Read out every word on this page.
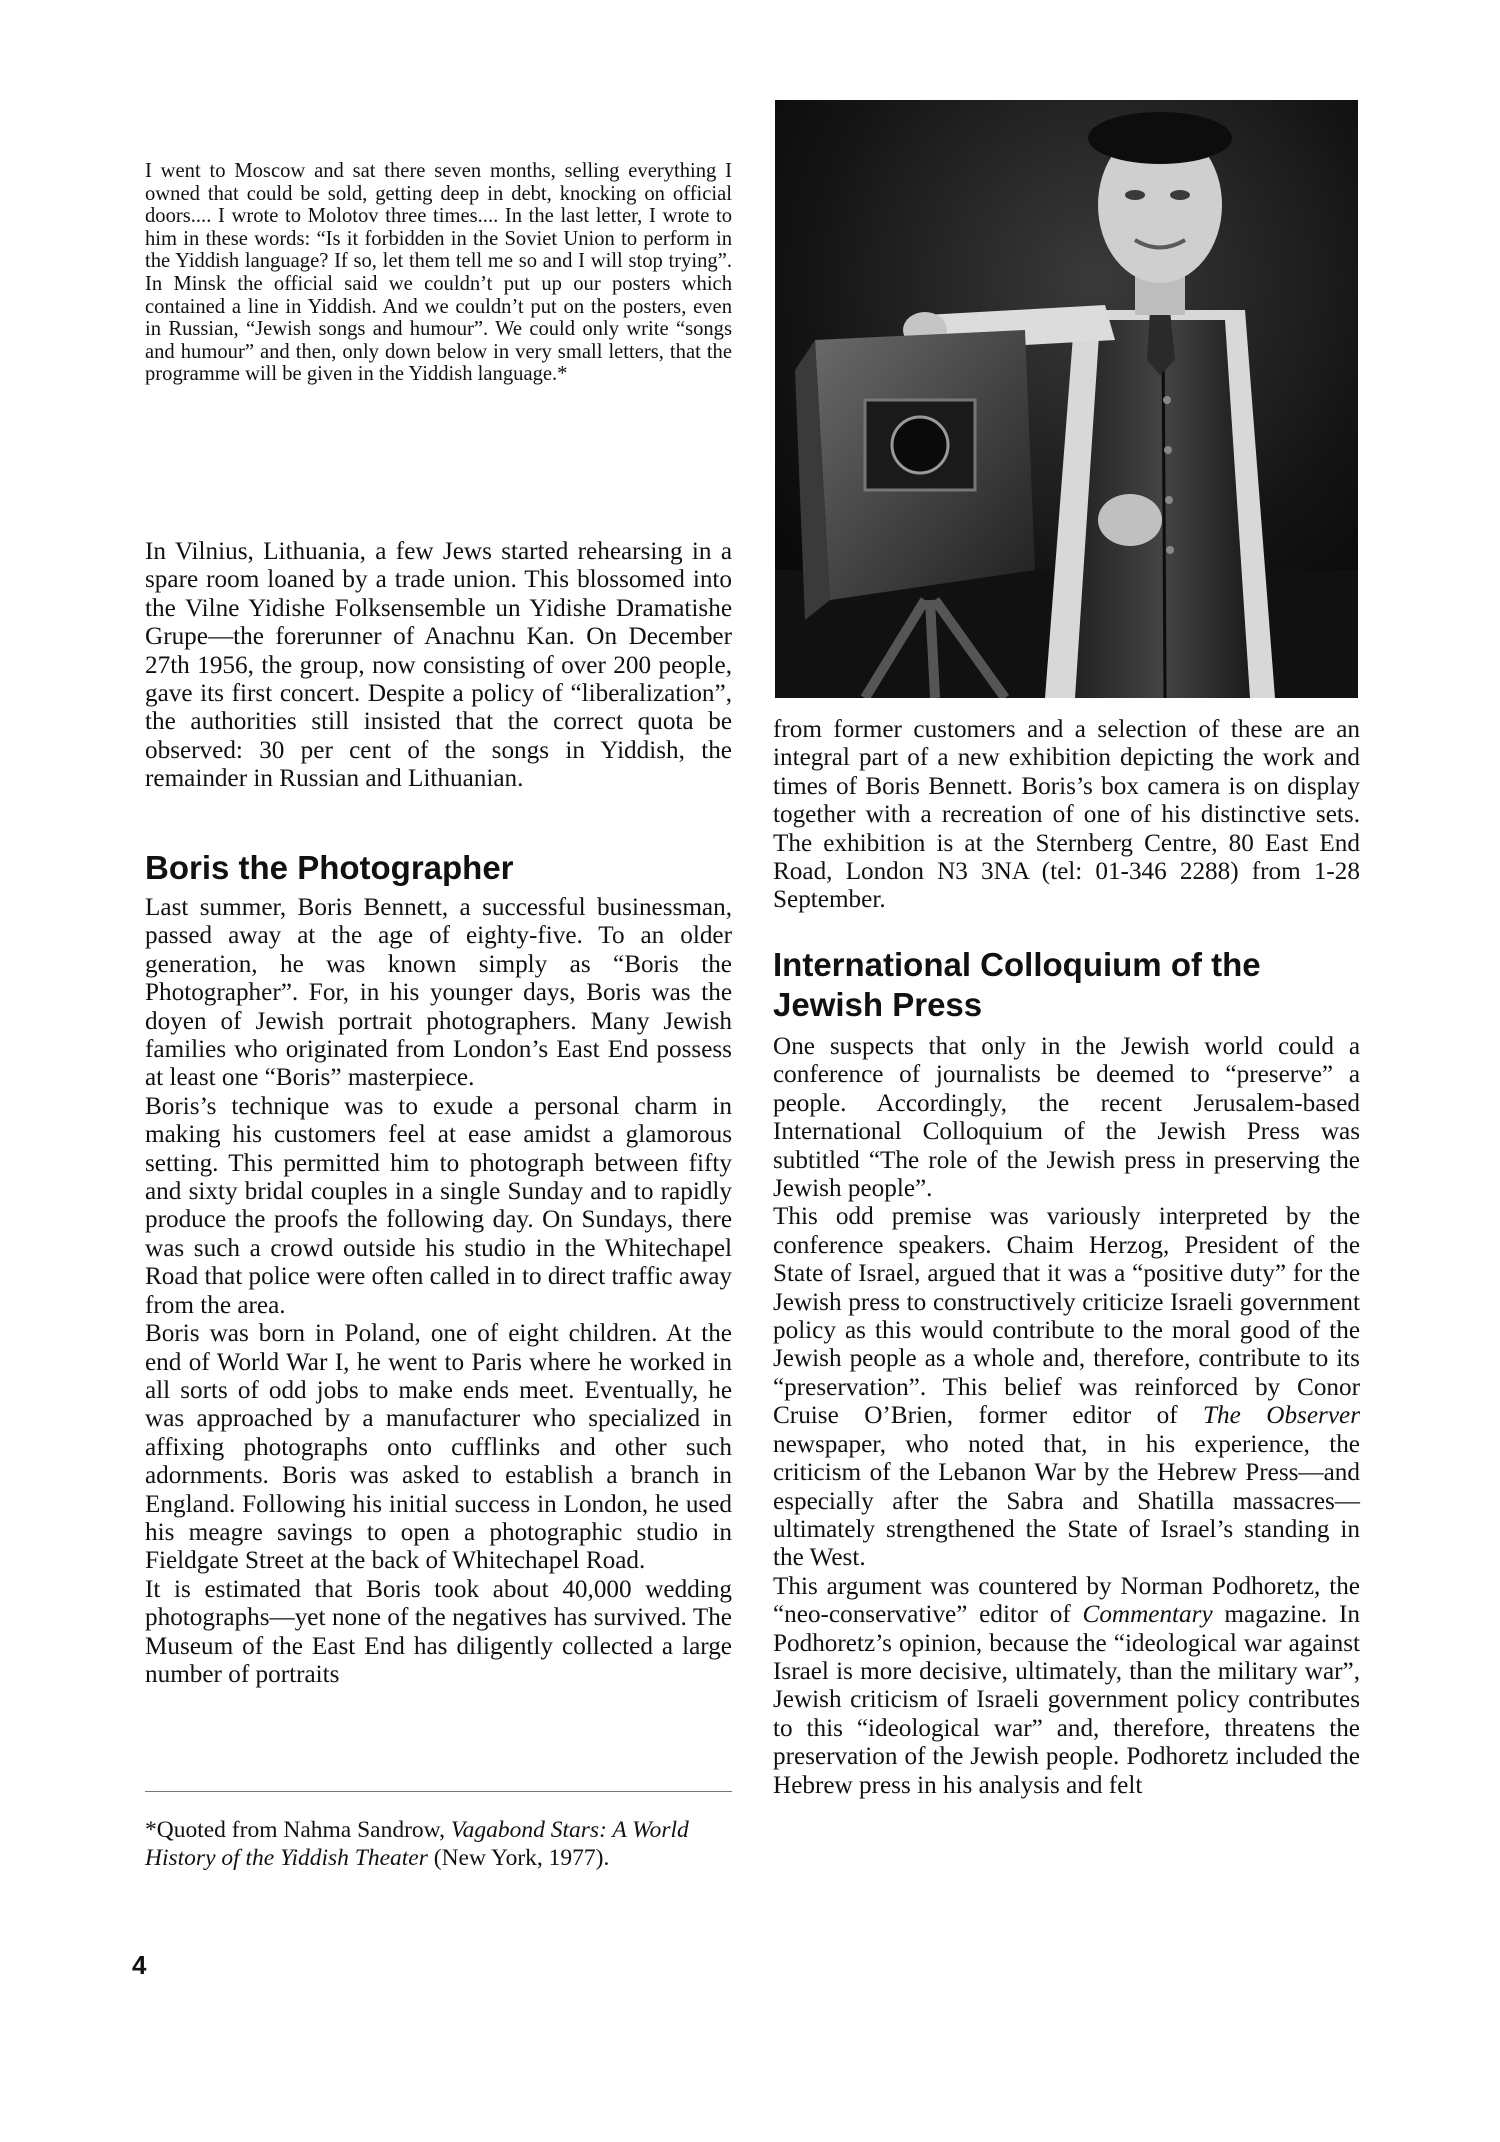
I went to Moscow and sat there seven months, selling everything I owned that could be sold, getting deep in debt, knocking on official doors.... I wrote to Molotov three times.... In the last letter, I wrote to him in these words: “Is it forbidden in the Soviet Union to perform in the Yiddish language? If so, let them tell me so and I will stop trying”. In Minsk the official said we couldn’t put up our posters which contained a line in Yiddish. And we couldn’t put on the posters, even in Russian, “Jewish songs and humour”. We could only write “songs and humour” and then, only down below in very small letters, that the programme will be given in the Yiddish language.*

In Vilnius, Lithuania, a few Jews started rehearsing in a spare room loaned by a trade union. This blossomed into the Vilne Yidishe Folksensemble un Yidishe Dramatishe Grupe—the forerunner of Anachnu Kan. On December 27th 1956, the group, now consisting of over 200 people, gave its first concert. Despite a policy of “liberalization”, the authorities still insisted that the correct quota be observed: 30 per cent of the songs in Yiddish, the remainder in Russian and Lithuanian.

Boris the Photographer

Last summer, Boris Bennett, a successful businessman, passed away at the age of eighty-five. To an older generation, he was known simply as “Boris the Photographer”. For, in his younger days, Boris was the doyen of Jewish portrait photographers. Many Jewish families who originated from London’s East End possess at least one “Boris” masterpiece.

Boris’s technique was to exude a personal charm in making his customers feel at ease amidst a glamorous setting. This permitted him to photograph between fifty and sixty bridal couples in a single Sunday and to rapidly produce the proofs the following day. On Sundays, there was such a crowd outside his studio in the Whitechapel Road that police were often called in to direct traffic away from the area.

Boris was born in Poland, one of eight children. At the end of World War I, he went to Paris where he worked in all sorts of odd jobs to make ends meet. Eventually, he was approached by a manufacturer who specialized in affixing photographs onto cufflinks and other such adornments. Boris was asked to establish a branch in England. Following his initial success in London, he used his meagre savings to open a photographic studio in Fieldgate Street at the back of Whitechapel Road.

It is estimated that Boris took about 40,000 wedding photographs—yet none of the negatives has survived. The Museum of the East End has diligently collected a large number of portraits

*Quoted from Nahma Sandrow, Vagabond Stars: A World History of the Yiddish Theater (New York, 1977).

from former customers and a selection of these are an integral part of a new exhibition depicting the work and times of Boris Bennett. Boris’s box camera is on display together with a recreation of one of his distinctive sets. The exhibition is at the Sternberg Centre, 80 East End Road, London N3 3NA (tel: 01-346 2288) from 1-28 September.

International Colloquium of the Jewish Press

One suspects that only in the Jewish world could a conference of journalists be deemed to “preserve” a people. Accordingly, the recent Jerusalem-based International Colloquium of the Jewish Press was subtitled “The role of the Jewish press in preserving the Jewish people”.

This odd premise was variously interpreted by the conference speakers. Chaim Herzog, President of the State of Israel, argued that it was a “positive duty” for the Jewish press to constructively criticize Israeli government policy as this would contribute to the moral good of the Jewish people as a whole and, therefore, contribute to its “preservation”. This belief was reinforced by Conor Cruise O’Brien, former editor of The Observer newspaper, who noted that, in his experience, the criticism of the Lebanon War by the Hebrew Press—and especially after the Sabra and Shatilla massacres—ultimately strengthened the State of Israel’s standing in the West.

This argument was countered by Norman Podhoretz, the “neo-conservative” editor of Commentary magazine. In Podhoretz’s opinion, because the “ideological war against Israel is more decisive, ultimately, than the military war”, Jewish criticism of Israeli government policy contributes to this “ideological war” and, therefore, threatens the preservation of the Jewish people. Podhoretz included the Hebrew press in his analysis and felt

4
